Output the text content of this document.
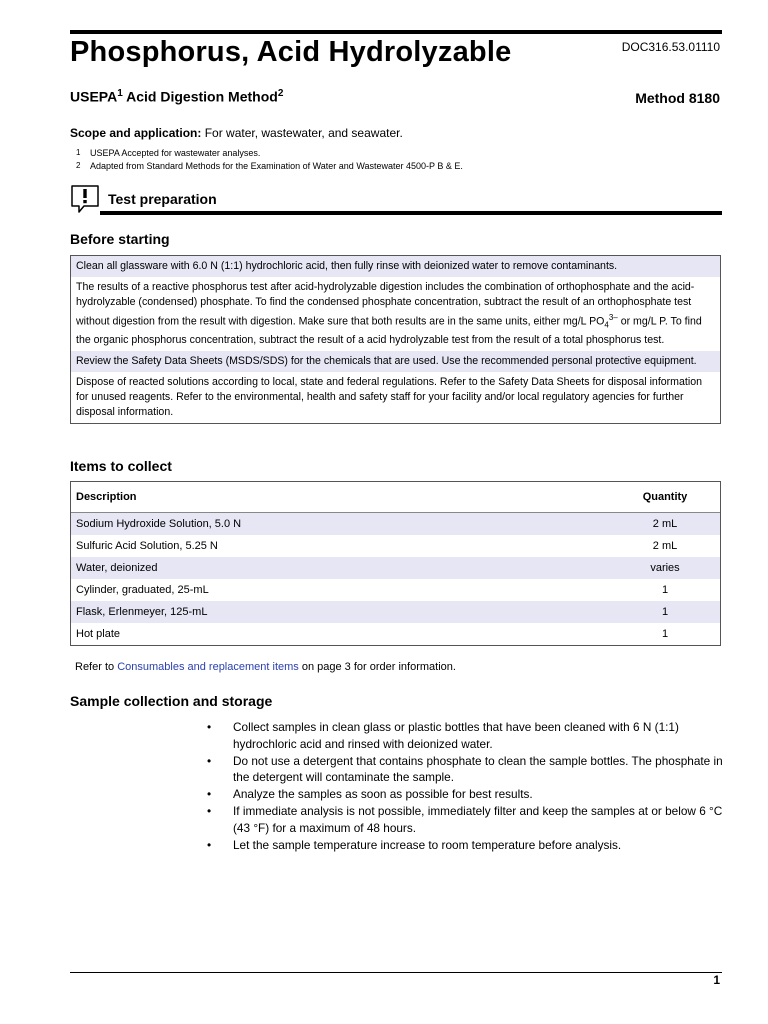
Phosphorus, Acid Hydrolyzable	DOC316.53.01110
USEPA$^1$ Acid Digestion Method$^2$	Method 8180
Scope and application: For water, wastewater, and seawater.
1 USEPA Accepted for wastewater analyses.
2 Adapted from Standard Methods for the Examination of Water and Wastewater 4500-P B & E.
Test preparation
Before starting
Clean all glassware with 6.0 N (1:1) hydrochloric acid, then fully rinse with deionized water to remove contaminants.
The results of a reactive phosphorus test after acid-hydrolyzable digestion includes the combination of orthophosphate and the acid-hydrolyzable (condensed) phosphate. To find the condensed phosphate concentration, subtract the result of an orthophosphate test without digestion from the result with digestion. Make sure that both results are in the same units, either mg/L $PO_4^{3-}$ or mg/L P. To find the organic phosphorus concentration, subtract the result of a acid hydrolyzable test from the result of a total phosphorus test.
Review the Safety Data Sheets (MSDS/SDS) for the chemicals that are used. Use the recommended personal protective equipment.
Dispose of reacted solutions according to local, state and federal regulations. Refer to the Safety Data Sheets for disposal information for unused reagents. Refer to the environmental, health and safety staff for your facility and/or local regulatory agencies for further disposal information.
Items to collect
Description	Quantity
Sodium Hydroxide Solution, 5.0 N	2 mL
Sulfuric Acid Solution, 5.25 N	2 mL
Water, deionized	varies
Cylinder, graduated, 25-mL	1
Flask, Erlenmeyer, 125-mL	1
Hot plate	1
Refer to Consumables and replacement items on page 3 for order information.
Sample collection and storage
• Collect samples in clean glass or plastic bottles that have been cleaned with 6 N (1:1) hydrochloric acid and rinsed with deionized water.
• Do not use a detergent that contains phosphate to clean the sample bottles. The phosphate in the detergent will contaminate the sample.
• Analyze the samples as soon as possible for best results.
• If immediate analysis is not possible, immediately filter and keep the samples at or below 6 °C (43 °F) for a maximum of 48 hours.
• Let the sample temperature increase to room temperature before analysis.
1
